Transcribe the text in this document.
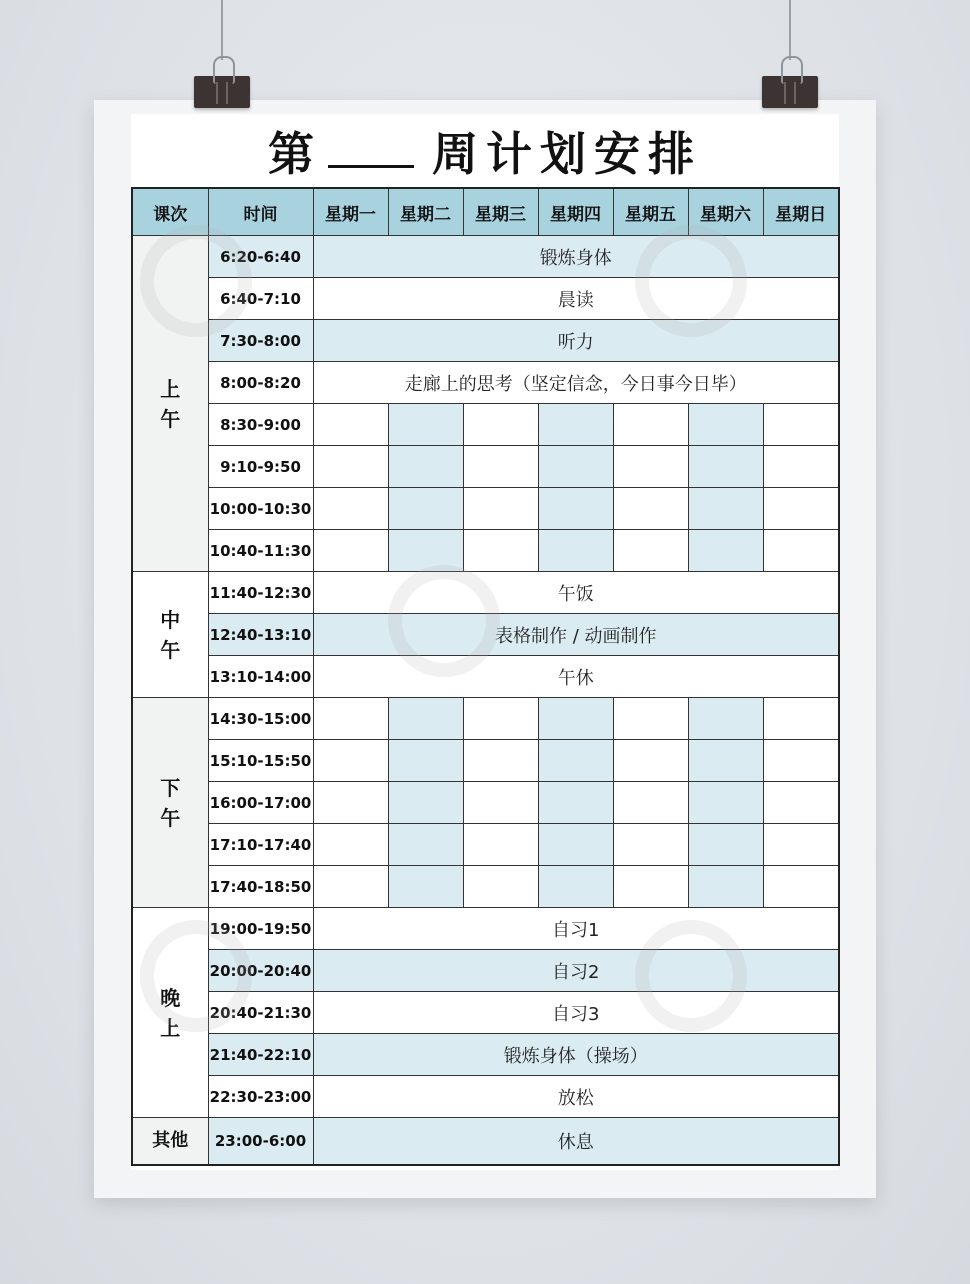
第 周计划安排
课次	时间	星期一	星期二	星期三	星期四	星期五	星期六	星期日

上午	6:20-6:40	锻炼身体						
	6:40-7:10	晨读						
	7:30-8:00	听力						
	8:00-8:20	走廊上的思考（坚定信念，今日事今日毕）						
	8:30-9:00							
	9:10-9:50							
	10:00-10:30							
	10:40-11:30							

中午	11:40-12:30	午饭						
	12:40-13:10	表格制作 / 动画制作						
	13:10-14:00	午休						

下午	14:30-15:00							
	15:10-15:50							
	16:00-17:00							
	17:10-17:40							
	17:40-18:50							

晚上	19:00-19:50	自习1						
	20:00-20:40	自习2						
	20:40-21:30	自习3						
	21:40-22:10	锻炼身体（操场）						
	22:30-23:00	放松						
其他	23:00-6:00	休息						
